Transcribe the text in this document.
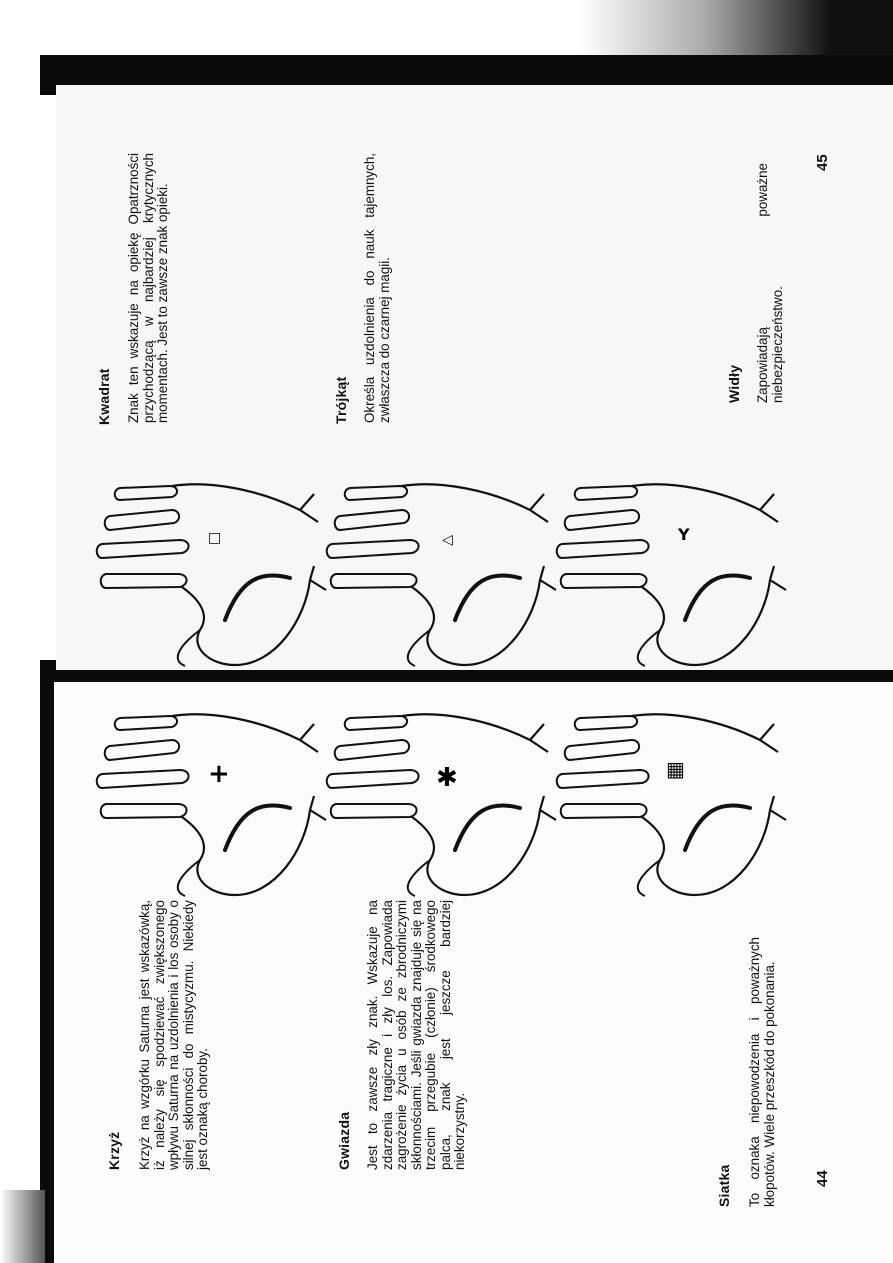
Kwadrat Znak ten wskazuje na opiekę Opatrzności przychodzącą w najbardziej krytycznych momentach. Jest to zawsze znak opieki.	Trójkąt Określa uzdolnienia do nauk tajemnych, zwłaszcza do czarnej magii.	Widły Zapowiadają poważne niebezpieczeństwo.
45
Krzyż Krzyż na wzgórku Saturna jest wskazówką, iż należy się spodziewać zwiększonego wpływu Saturna na uzdolnienia i los osoby o silnej skłonności do mistycyzmu. Niekiedy jest oznaką choroby.	Gwiazda Jest to zawsze zły znak. Wskazuje na zdarzenia tragiczne i zły los. Zapowiada zagrożenie życia u osób ze zbrodniczymi skłonnościami. Jeśli gwiazda znajduje się na trzecim przegubie (członie) środkowego palca, znak jest jeszcze bardziej niekorzystny.
Siatka To oznaka niepowodzenia i poważnych kłopotów. Wiele przeszkód do pokonania.	44
□	◁	Y
+	✱	▦
